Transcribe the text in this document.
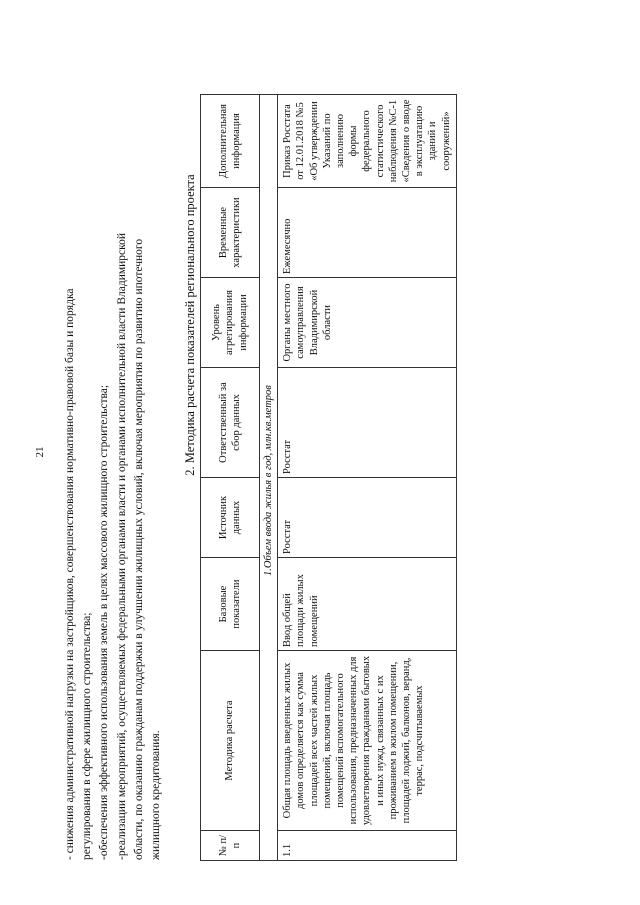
21 - снижения административной нагрузки на застройщиков, совершенствования нормативно-правовой базы и порядка регулирования в сфере жилищного строительства; -обеспечения эффективного использования земель в целях массового жилищного строительства; -реализации мероприятий, осуществляемых федеральными органами власти и органами исполнительной власти Владимирской области, по оказанию гражданам поддержки в улучшении жилищных условий, включая мероприятия по развитию ипотечного жилищного кредитования.

2. Методика расчета показателей регионального проекта
№ п/п	Методика расчета	Базовые показатели	Источник данных	Ответственный за сбор данных	Уровень агрегирования информации	Временные характеристики	Дополнительная информация
1.Объем ввода жилья в год, млн.кв.метров							
1.1	Общая площадь введенных жилых домов определяется как сумма площадей всех частей жилых помещений, включая площадь помещений вспомогательного использования, предназначенных для удовлетворения гражданами бытовых и иных нужд, связанных с их проживанием в жилом помещении, площадей лоджий, балконов, веранд, террас, подсчитываемых	Ввод общей площади жилых помещений	Росстат	Росстат	Органы местного самоуправления Владимирской области	Ежемесячно	Приказ Росстата от 12.01.2018 №5 «Об утверждении Указаний по заполнению формы федерального статистического наблюдения №С-1 «Сведения о вводе в эксплуатацию зданий и сооружений»
